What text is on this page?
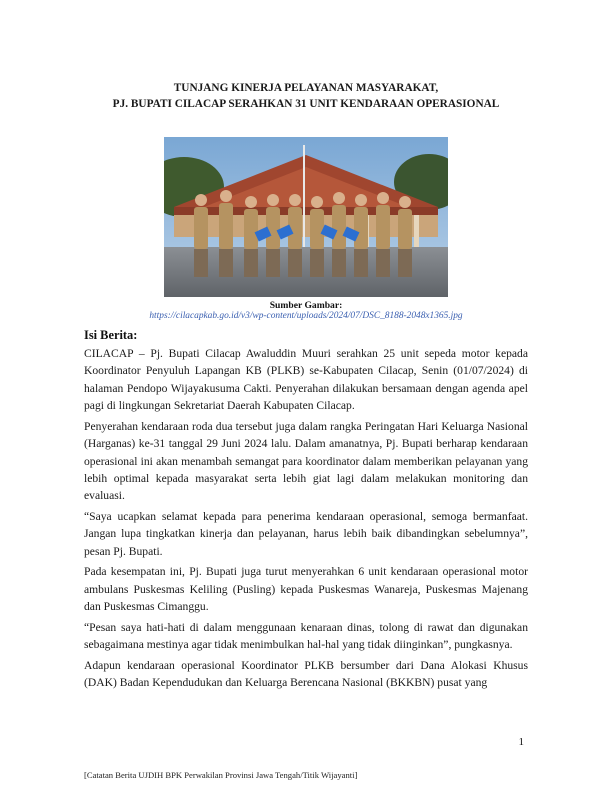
TUNJANG KINERJA PELAYANAN MASYARAKAT,
PJ. BUPATI CILACAP SERAHKAN 31 UNIT KENDARAAN OPERASIONAL
Sumber Gambar:
https://cilacapkab.go.id/v3/wp-content/uploads/2024/07/DSC_8188-2048x1365.jpg
Isi Berita:

CILACAP – Pj. Bupati Cilacap Awaluddin Muuri serahkan 25 unit sepeda motor kepada Koordinator Penyuluh Lapangan KB (PLKB) se-Kabupaten Cilacap, Senin (01/07/2024) di halaman Pendopo Wijayakusuma Cakti. Penyerahan dilakukan bersamaan dengan agenda apel pagi di lingkungan Sekretariat Daerah Kabupaten Cilacap.

Penyerahan kendaraan roda dua tersebut juga dalam rangka Peringatan Hari Keluarga Nasional (Harganas) ke-31 tanggal 29 Juni 2024 lalu. Dalam amanatnya, Pj. Bupati berharap kendaraan operasional ini akan menambah semangat para koordinator dalam memberikan pelayanan yang lebih optimal kepada masyarakat serta lebih giat lagi dalam melakukan monitoring dan evaluasi.

“Saya ucapkan selamat kepada para penerima kendaraan operasional, semoga bermanfaat. Jangan lupa tingkatkan kinerja dan pelayanan, harus lebih baik dibandingkan sebelumnya”, pesan Pj. Bupati.

Pada kesempatan ini, Pj. Bupati juga turut menyerahkan 6 unit kendaraan operasional motor ambulans Puskesmas Keliling (Pusling) kepada Puskesmas Wanareja, Puskesmas Majenang dan Puskesmas Cimanggu.

“Pesan saya hati-hati di dalam menggunaan kenaraan dinas, tolong di rawat dan digunakan sebagaimana mestinya agar tidak menimbulkan hal-hal yang tidak diinginkan”, pungkasnya.

Adapun kendaraan operasional Koordinator PLKB bersumber dari Dana Alokasi Khusus (DAK) Badan Kependudukan dan Keluarga Berencana Nasional (BKKBN) pusat yang

1
[Catatan Berita UJDIH BPK Perwakilan Provinsi Jawa Tengah/Titik Wijayanti]
